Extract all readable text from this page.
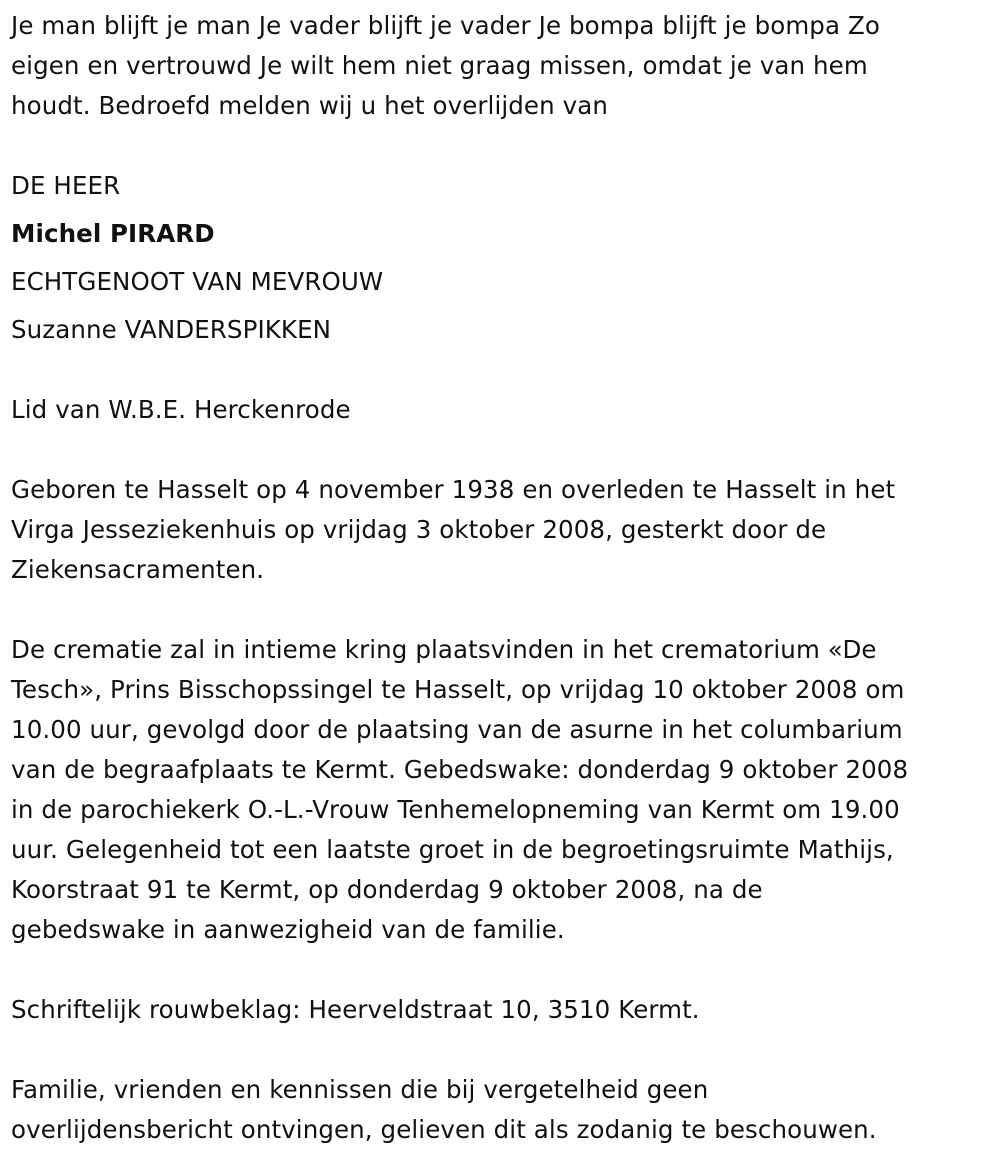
Je man blijft je man Je vader blijft je vader Je bompa blijft je bompa Zo
eigen en vertrouwd Je wilt hem niet graag missen, omdat je van hem
houdt. Bedroefd melden wij u het overlijden van
DE HEER
Michel PIRARD
ECHTGENOOT VAN MEVROUW
Suzanne VANDERSPIKKEN
Lid van W.B.E. Herckenrode
Geboren te Hasselt op 4 november 1938 en overleden te Hasselt in het
Virga Jesseziekenhuis op vrijdag 3 oktober 2008, gesterkt door de
Ziekensacramenten.
De crematie zal in intieme kring plaatsvinden in het crematorium «De
Tesch», Prins Bisschopssingel te Hasselt, op vrijdag 10 oktober 2008 om
10.00 uur, gevolgd door de plaatsing van de asurne in het columbarium
van de begraafplaats te Kermt. Gebedswake: donderdag 9 oktober 2008
in de parochiekerk O.-L.-Vrouw Tenhemelopneming van Kermt om 19.00
uur. Gelegenheid tot een laatste groet in de begroetingsruimte Mathijs,
Koorstraat 91 te Kermt, op donderdag 9 oktober 2008, na de
gebedswake in aanwezigheid van de familie.
Schriftelijk rouwbeklag: Heerveldstraat 10, 3510 Kermt.
Familie, vrienden en kennissen die bij vergetelheid geen
overlijdensbericht ontvingen, gelieven dit als zodanig te beschouwen.
